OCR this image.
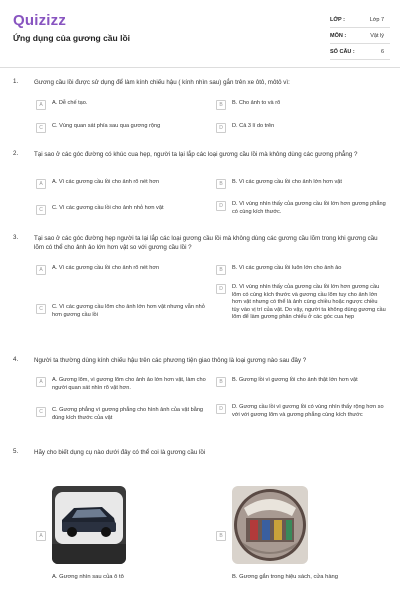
Quizizz
Ứng dụng của gương cầu lồi
LỚP :	Lớp 7
MÔN :	Vật lý
SỐ CÂU :	6
1.	Gương cầu lồi được sử dụng để làm kính chiếu hậu ( kính nhìn sau) gắn trên xe ôtô, môtô vì:
A	A. Dễ chế tạo.	B	B. Cho ảnh to và rõ
C	C. Vùng quan sát phía sau qua gương rộng	D	D. Cả 3 lí do trên
2.	Tại sao ở các góc đường có khúc cua hẹp, người ta lại lắp các loại gương cầu lồi mà không dùng các gương phẳng ?
A	A. Vì các gương cầu lồi cho ảnh rõ nét hơn	B	B. Vì các gương cầu lồi cho ảnh lớn hơn vật
C	C. Vì các gương cầu lồi cho ảnh nhỏ hơn vật	D	D. Vì vùng nhìn thấy của gương cầu lồi lớn hơn gương phẳng có cùng kích thước.
3.	Tại sao ở các góc đường hẹp người ta lại lắp các loại gương cầu lồi mà không dùng các gương cầu lõm trong khi gương cầu lõm có thể cho ảnh ảo lớn hơn vật so với gương cầu lồi ?
A	A. Vì các gương cầu lồi cho ảnh rõ nét hơn	B	B. Vì các gương cầu lồi luôn lớn cho ảnh ảo
C	C. Vì các gương cầu lõm cho ảnh lớn hơn vật nhưng vẫn nhỏ hơn gương cầu lồi
D	D. Vì vùng nhìn thấy của gương cầu lồi lớn hơn gương cầu lõm có cùng kích thước và gương cầu lõm tuy cho ảnh lớn hơn vật nhưng có thể là ảnh cùng chiều hoặc ngược chiều tùy vào vị trí của vật. Do vậy, người ta không dùng gương cầu lõm để làm gương phản chiếu ở các góc cua hẹp
4.	Người ta thường dùng kính chiếu hậu trên các phương tiện giao thông là loại gương nào sau đây ?
A	A. Gương lõm, vì gương lõm cho ảnh ảo lớn hơn vật, làm cho người quan sát nhìn rõ vật hơn.
B	B. Gương lồi vì gương lồi cho ảnh thật lớn hơn vật
C	C. Gương phẳng vì gương phẳng cho hình ảnh của vật bằng đúng kích thước của vật
D	D. Gương cầu lồi vì gương lồi có vùng nhìn thấy rộng hơn so với với gương lõm và gương phẳng cùng kích thước
5.	Hãy cho biết dụng cụ nào dưới đây có thể coi là gương cầu lồi
A
A. Gương nhìn sau của ô tô
B
B. Gương gắn trong hiệu sách, cửa hàng
